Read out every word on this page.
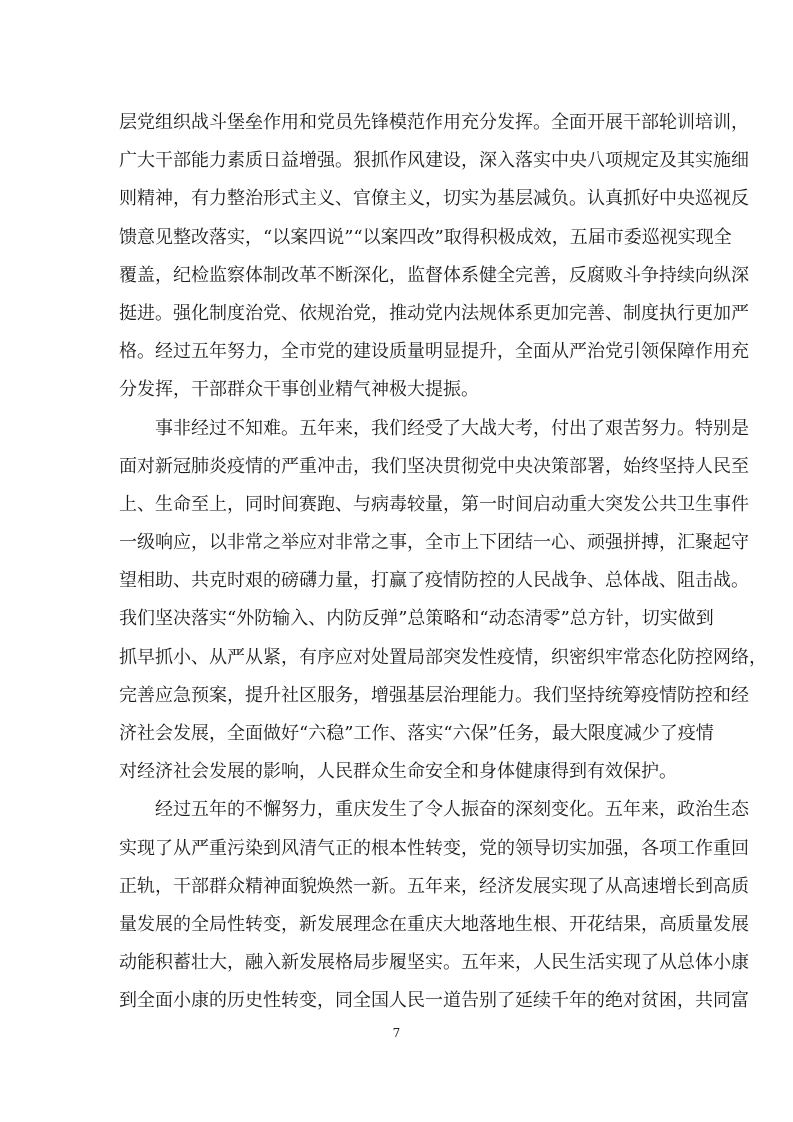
层党组织战斗堡垒作用和党员先锋模范作用充分发挥。全面开展干部轮训培训，
广大干部能力素质日益增强。狠抓作风建设，深入落实中央八项规定及其实施细
则精神，有力整治形式主义、官僚主义，切实为基层减负。认真抓好中央巡视反
馈意见整改落实，“以案四说”“以案四改”取得积极成效，五届市委巡视实现全
覆盖，纪检监察体制改革不断深化，监督体系健全完善，反腐败斗争持续向纵深
挺进。强化制度治党、依规治党，推动党内法规体系更加完善、制度执行更加严
格。经过五年努力，全市党的建设质量明显提升，全面从严治党引领保障作用充
分发挥，干部群众干事创业精气神极大提振。
事非经过不知难。五年来，我们经受了大战大考，付出了艰苦努力。特别是
面对新冠肺炎疫情的严重冲击，我们坚决贯彻党中央决策部署，始终坚持人民至
上、生命至上，同时间赛跑、与病毒较量，第一时间启动重大突发公共卫生事件
一级响应，以非常之举应对非常之事，全市上下团结一心、顽强拼搏，汇聚起守
望相助、共克时艰的磅礴力量，打赢了疫情防控的人民战争、总体战、阻击战。
我们坚决落实“外防输入、内防反弹”总策略和“动态清零”总方针，切实做到
抓早抓小、从严从紧，有序应对处置局部突发性疫情，织密织牢常态化防控网络，
完善应急预案，提升社区服务，增强基层治理能力。我们坚持统筹疫情防控和经
济社会发展，全面做好“六稳”工作、落实“六保”任务，最大限度减少了疫情
对经济社会发展的影响，人民群众生命安全和身体健康得到有效保护。
经过五年的不懈努力，重庆发生了令人振奋的深刻变化。五年来，政治生态
实现了从严重污染到风清气正的根本性转变，党的领导切实加强，各项工作重回
正轨，干部群众精神面貌焕然一新。五年来，经济发展实现了从高速增长到高质
量发展的全局性转变，新发展理念在重庆大地落地生根、开花结果，高质量发展
动能积蓄壮大，融入新发展格局步履坚实。五年来，人民生活实现了从总体小康
到全面小康的历史性转变，同全国人民一道告别了延续千年的绝对贫困，共同富
7
